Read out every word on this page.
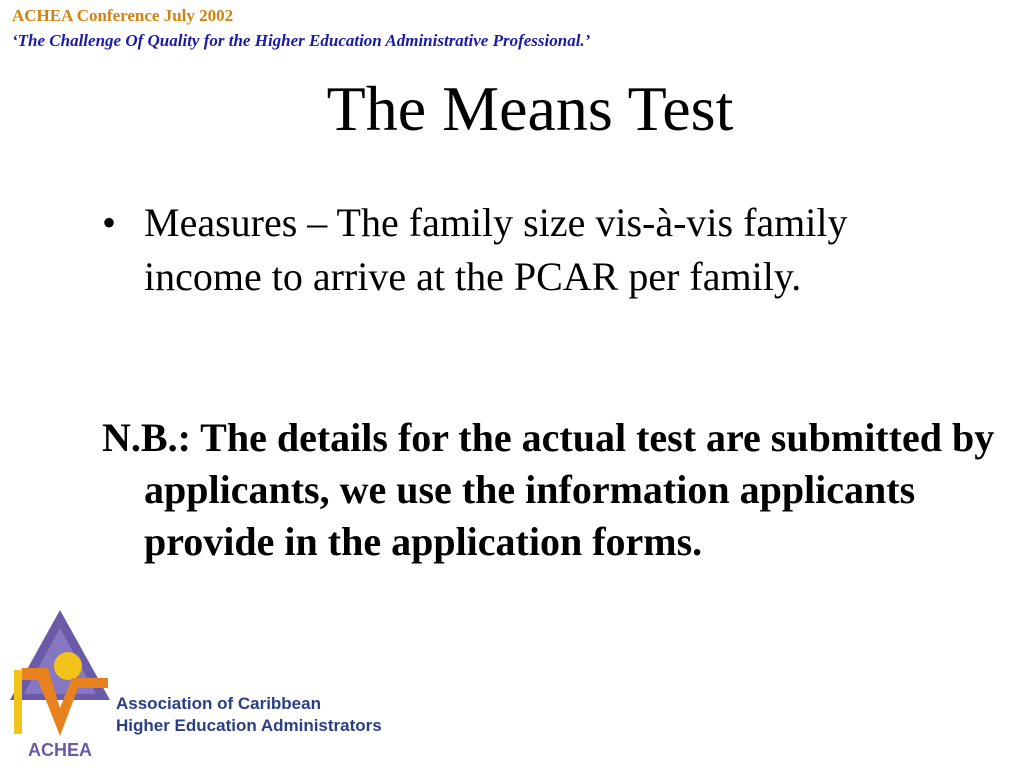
ACHEA Conference July 2002
‘The Challenge Of Quality for the Higher Education Administrative Professional.’
The Means Test
• Measures – The family size vis-à-vis family income to arrive at the PCAR per family.
N.B.: The details for the actual test are submitted by applicants, we use the information applicants provide in the application forms.
ACHEA
Association of Caribbean
Higher Education Administrators
